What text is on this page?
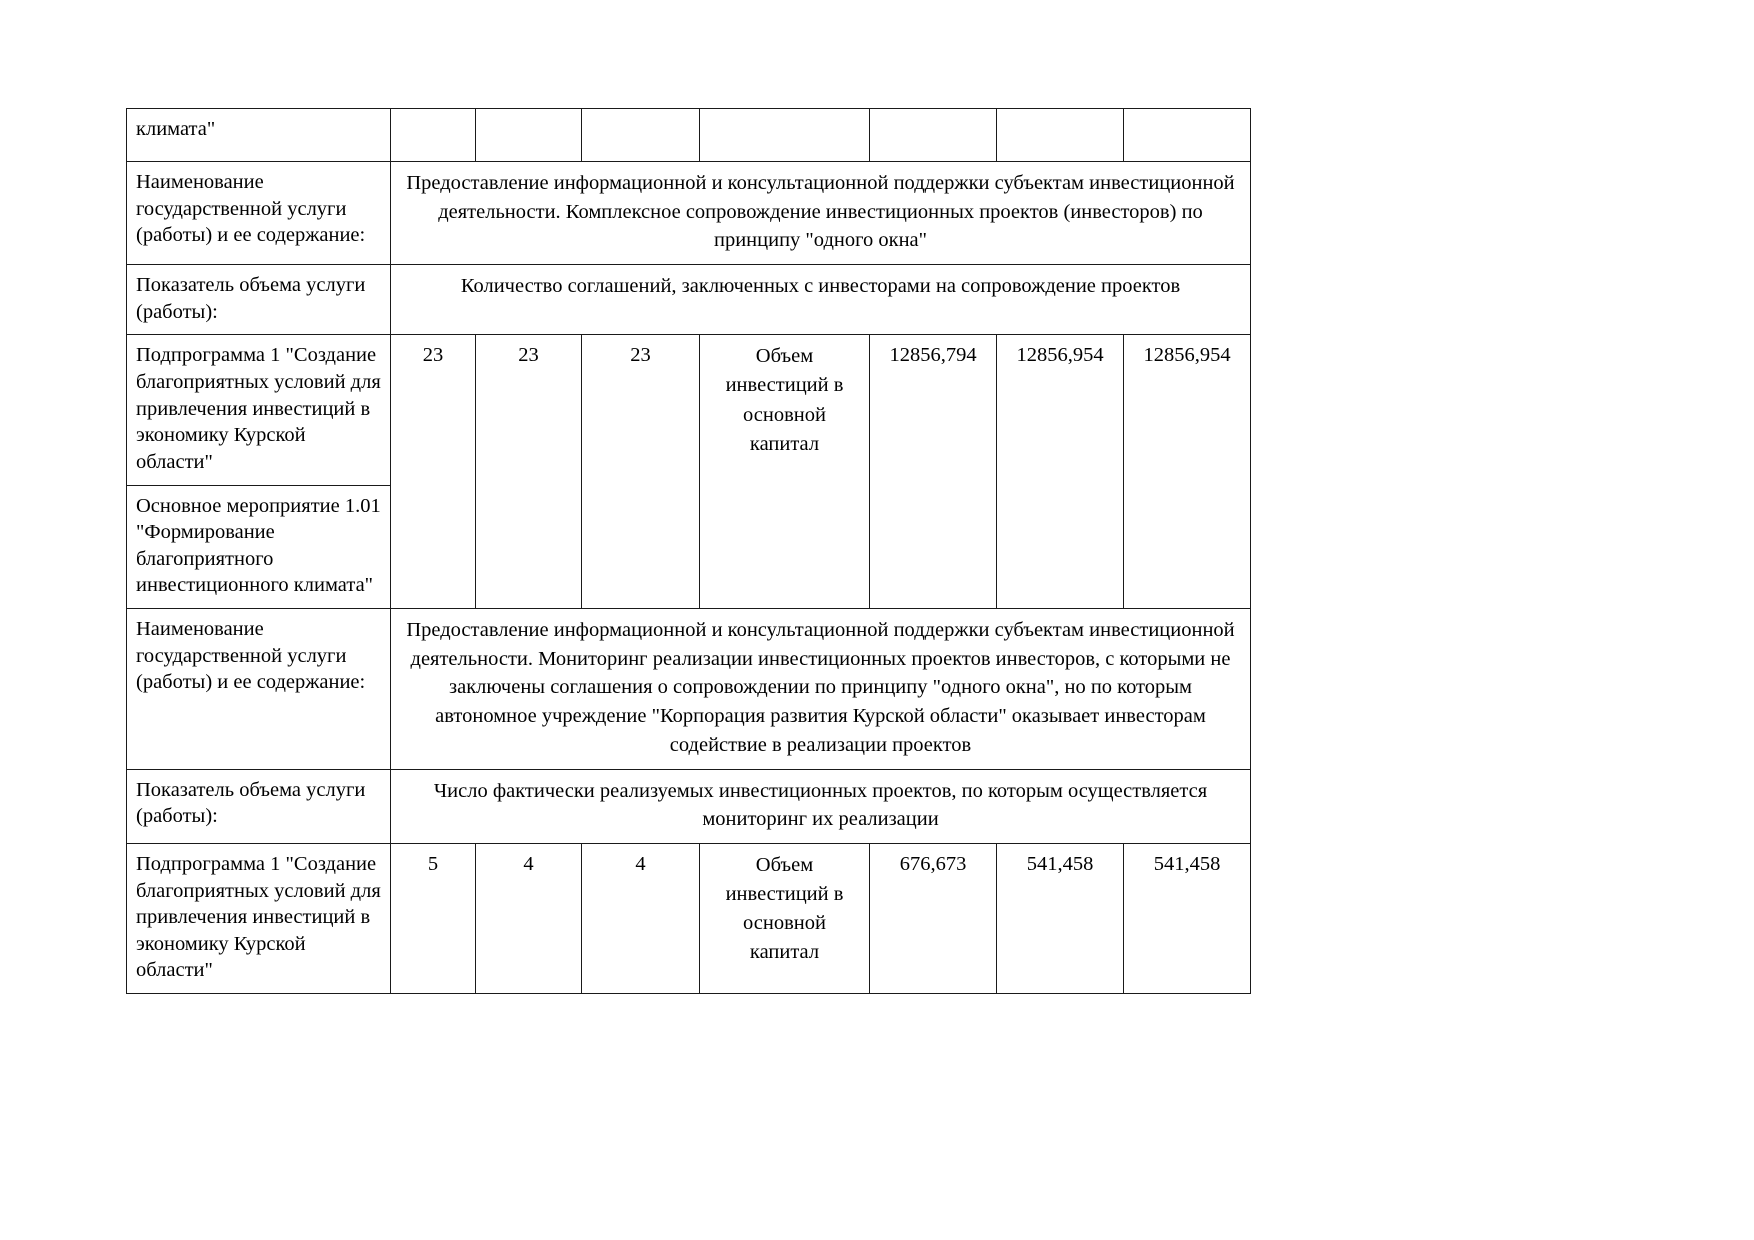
климата"							
Наименование государственной услуги (работы) и ее содержание:	Предоставление информационной и консультационной поддержки субъектам инвестиционной деятельности. Комплексное сопровождение инвестиционных проектов (инвесторов) по принципу "одного окна"						
Показатель объема услуги (работы):	Количество соглашений, заключенных с инвесторами на сопровождение проектов						
Подпрограмма 1 "Создание благоприятных условий для привлечения инвестиций в экономику Курской области"	23	23	23	Объем инвестиций в основной капитал	12856,794	12856,954	12856,954
Основное мероприятие 1.01 "Формирование благоприятного инвестиционного климата"							
Наименование государственной услуги (работы) и ее содержание:	Предоставление информационной и консультационной поддержки субъектам инвестиционной деятельности. Мониторинг реализации инвестиционных проектов инвесторов, с которыми не заключены соглашения о сопровождении по принципу "одного окна", но по которым автономное учреждение "Корпорация развития Курской области" оказывает инвесторам содействие в реализации проектов						
Показатель объема услуги (работы):	Число фактически реализуемых инвестиционных проектов, по которым осуществляется мониторинг их реализации						
Подпрограмма 1 "Создание благоприятных условий для привлечения инвестиций в экономику Курской области"	5	4	4	Объем инвестиций в основной капитал	676,673	541,458	541,458
